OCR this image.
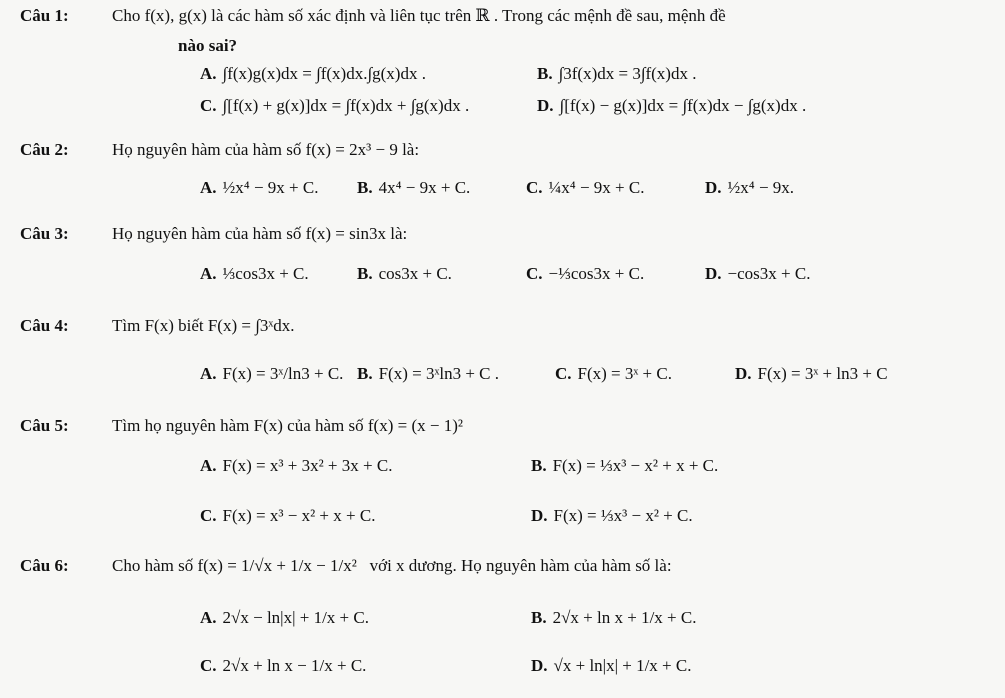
Câu 1:	Cho f(x), g(x) là các hàm số xác định và liên tục trên ℝ . Trong các mệnh đề sau, mệnh đề
nào sai?
A. ∫f(x)g(x)dx = ∫f(x)dx.∫g(x)dx .	B. ∫3f(x)dx = 3∫f(x)dx .
C. ∫[f(x) + g(x)]dx = ∫f(x)dx + ∫g(x)dx .	D. ∫[f(x) − g(x)]dx = ∫f(x)dx − ∫g(x)dx .
Câu 2:	Họ nguyên hàm của hàm số f(x) = 2x³ − 9 là:
A. ½x⁴ − 9x + C. B. 4x⁴ − 9x + C.	C. ¼x⁴ − 9x + C.	D. ½x⁴ − 9x.
Câu 3:	Họ nguyên hàm của hàm số f(x) = sin3x là:
A. ⅓cos3x + C.	B. cos3x + C.	C. −⅓cos3x + C.	D. −cos3x + C.
Câu 4:	Tìm F(x) biết F(x) = ∫3ˣdx.
A. F(x) = 3ˣ/ln3 + C. B. F(x) = 3ˣln3 + C .	C. F(x) = 3ˣ + C.	D. F(x) = 3ˣ + ln3 + C
Câu 5:	Tìm họ nguyên hàm F(x) của hàm số f(x) = (x − 1)²
A. F(x) = x³ + 3x² + 3x + C.	B. F(x) = ⅓x³ − x² + x + C.
C. F(x) = x³ − x² + x + C.	D. F(x) = ⅓x³ − x² + C.
Câu 6:	Cho hàm số f(x) = 1/√x + 1/x − 1/x² với x dương. Họ nguyên hàm của hàm số là:
A. 2√x − ln|x| + 1/x + C.	B. 2√x + ln x + 1/x + C.
C. 2√x + ln x − 1/x + C.	D. √x + ln|x| + 1/x + C.
